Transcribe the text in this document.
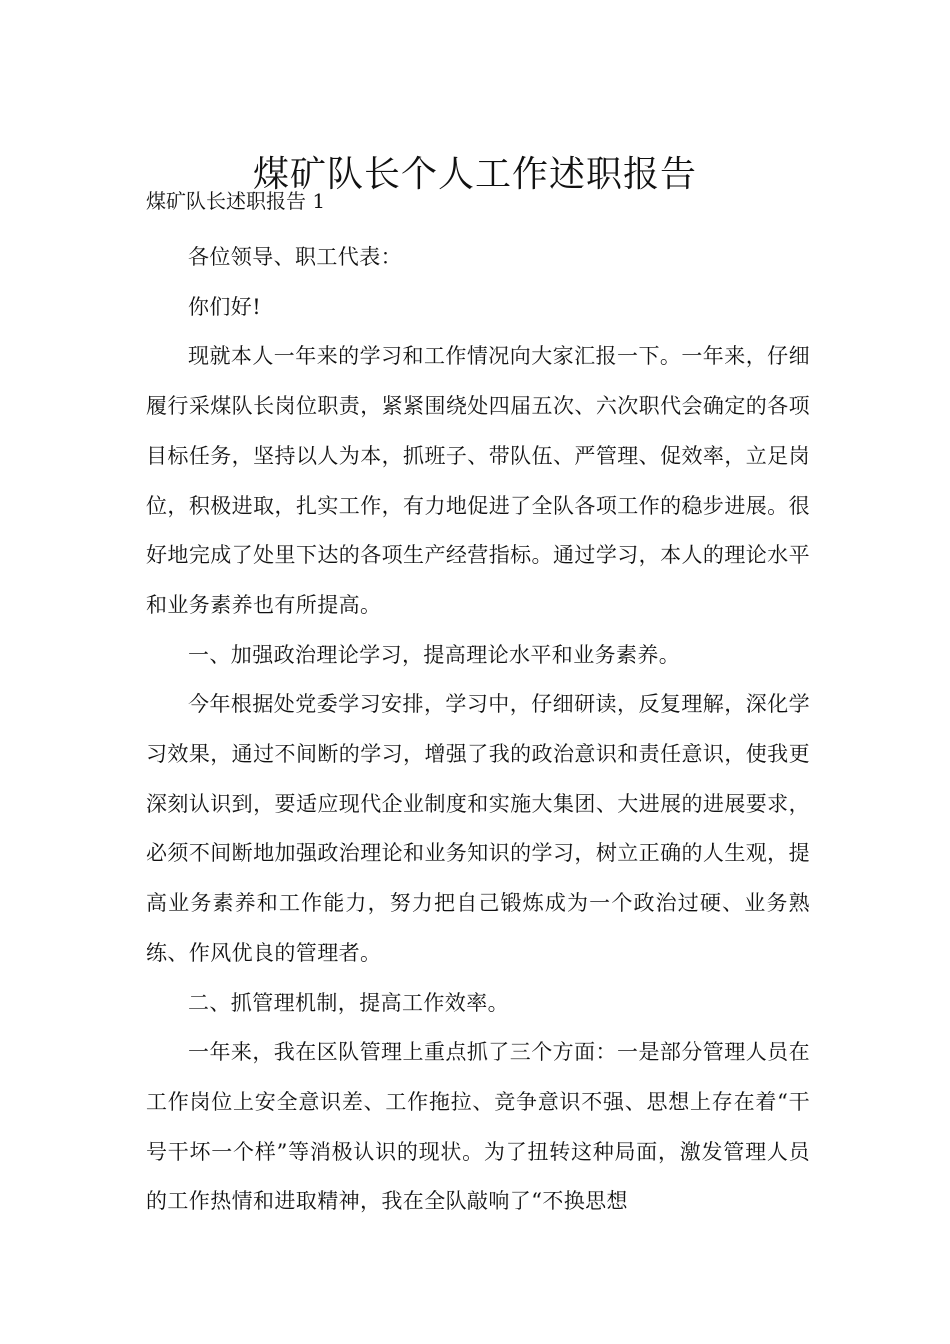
煤矿队长个人工作述职报告
煤矿队长述职报告 1

各位领导、职工代表：

你们好!

现就本人一年来的学习和工作情况向大家汇报一下。一年来，仔细履行采煤队长岗位职责，紧紧围绕处四届五次、六次职代会确定的各项目标任务，坚持以人为本，抓班子、带队伍、严管理、促效率，立足岗位，积极进取，扎实工作，有力地促进了全队各项工作的稳步进展。很好地完成了处里下达的各项生产经营指标。通过学习，本人的理论水平和业务素养也有所提高。

一、加强政治理论学习，提高理论水平和业务素养。

今年根据处党委学习安排，学习中，仔细研读，反复理解，深化学习效果，通过不间断的学习，增强了我的政治意识和责任意识，使我更深刻认识到，要适应现代企业制度和实施大集团、大进展的进展要求，必须不间断地加强政治理论和业务知识的学习，树立正确的人生观，提高业务素养和工作能力，努力把自己锻炼成为一个政治过硬、业务熟练、作风优良的管理者。

二、抓管理机制，提高工作效率。

一年来，我在区队管理上重点抓了三个方面：一是部分管理人员在工作岗位上安全意识差、工作拖拉、竞争意识不强、思想上存在着“干号干坏一个样”等消极认识的现状。为了扭转这种局面，激发管理人员的工作热情和进取精神，我在全队敲响了“不换思想
